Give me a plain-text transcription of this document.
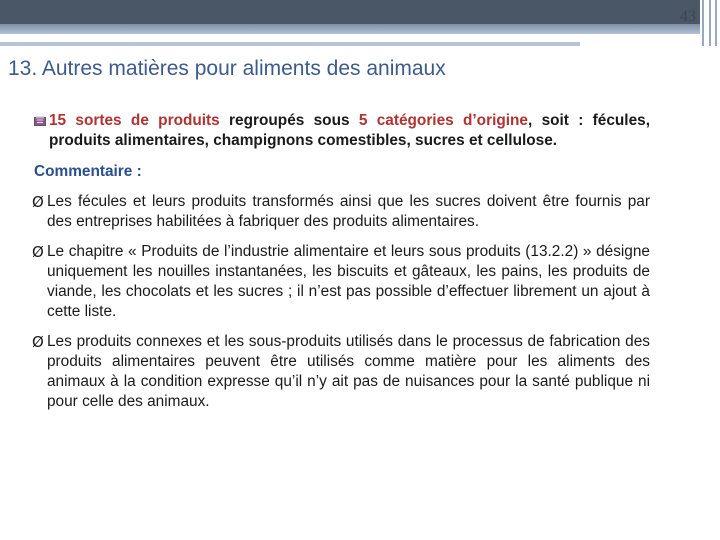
43
13. Autres matières pour aliments des animaux

15 sortes de produits regroupés sous 5 catégories d’origine, soit : fécules, produits alimentaires, champignons comestibles, sucres et cellulose.

Commentaire :

Ø Les fécules et leurs produits transformés ainsi que les sucres doivent être fournis par des entreprises habilitées à fabriquer des produits alimentaires.

Ø Le chapitre « Produits de l’industrie alimentaire et leurs sous produits (13.2.2) » désigne uniquement les nouilles instantanées, les biscuits et gâteaux, les pains, les produits de viande, les chocolats et les sucres ; il n’est pas possible d’effectuer librement un ajout à cette liste.

Ø Les produits connexes et les sous-produits utilisés dans le processus de fabrication des produits alimentaires peuvent être utilisés comme matière pour les aliments des animaux à la condition expresse qu’il n’y ait pas de nuisances pour la santé publique ni pour celle des animaux.
